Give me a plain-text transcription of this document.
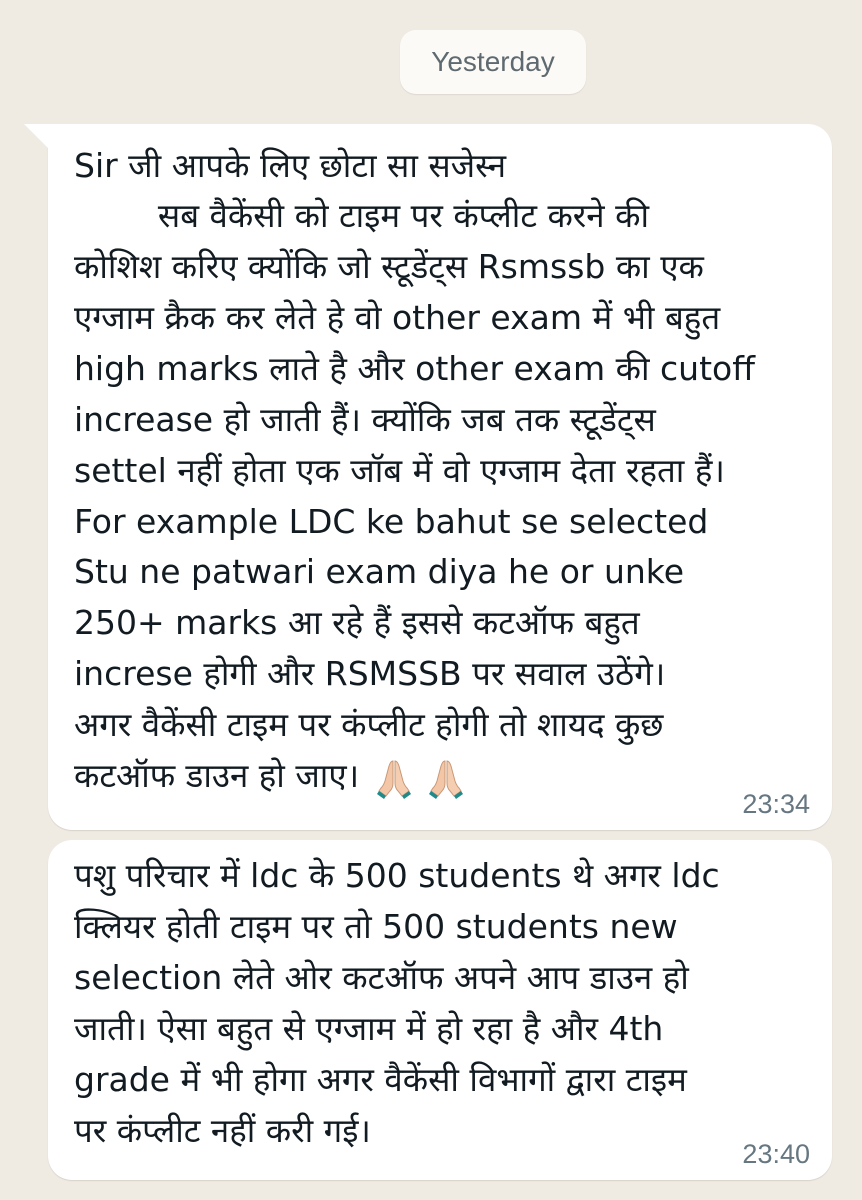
Yesterday
Sir जी आपके लिए छोटा सा सजेस्न
सब वैकेंसी को टाइम पर कंप्लीट करने की
कोशिश करिए क्योंकि जो स्टूडेंट्स Rsmssb का एक
एग्जाम क्रैक कर लेते हे वो other exam में भी बहुत
high marks लाते है और other exam की cutoff
increase हो जाती हैं। क्योंकि जब तक स्टूडेंट्स
settel नहीं होता एक जॉब में वो एग्जाम देता रहता हैं।
For example LDC ke bahut se selected
Stu ne patwari exam diya he or unke
250+ marks आ रहे हैं इससे कटऑफ बहुत
increse होगी और RSMSSB पर सवाल उठेंगे।
अगर वैकेंसी टाइम पर कंप्लीट होगी तो शायद कुछ
कटऑफ डाउन हो जाए।
23:34
पशु परिचार में ldc के 500 students थे अगर ldc
क्लियर होती टाइम पर तो 500 students new
selection लेते ओर कटऑफ अपने आप डाउन हो
जाती। ऐसा बहुत से एग्जाम में हो रहा है और 4th
grade में भी होगा अगर वैकेंसी विभागों द्वारा टाइम
पर कंप्लीट नहीं करी गई।
23:40
